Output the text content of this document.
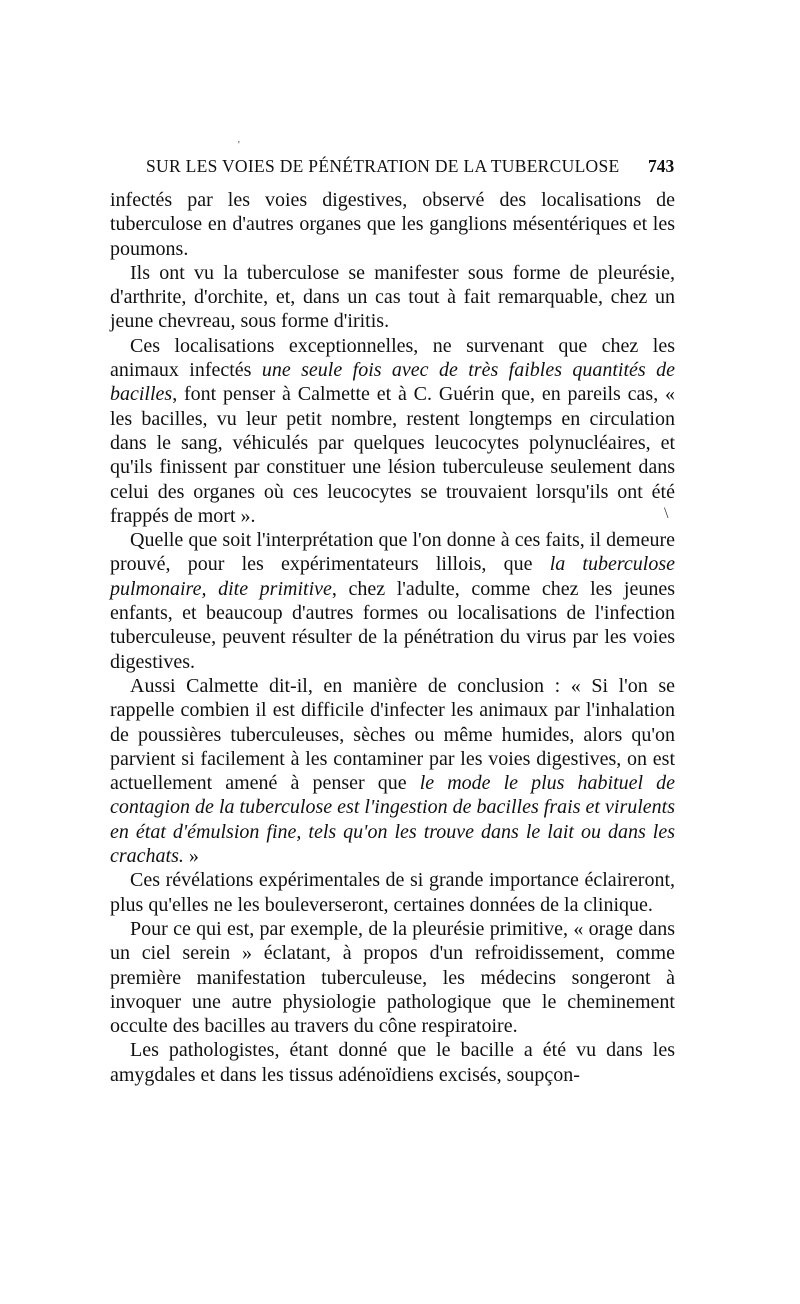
SUR LES VOIES DE PÉNÉTRATION DE LA TUBERCULOSE 743

infectés par les voies digestives, observé des localisations de tuberculose en d'autres organes que les ganglions mésentériques et les poumons.

Ils ont vu la tuberculose se manifester sous forme de pleurésie, d'arthrite, d'orchite, et, dans un cas tout à fait remarquable, chez un jeune chevreau, sous forme d'iritis.

Ces localisations exceptionnelles, ne survenant que chez les animaux infectés une seule fois avec de très faibles quantités de bacilles, font penser à Calmette et à C. Guérin que, en pareils cas, « les bacilles, vu leur petit nombre, restent longtemps en circulation dans le sang, véhiculés par quelques leucocytes polynucléaires, et qu'ils finissent par constituer une lésion tuberculeuse seulement dans celui des organes où ces leucocytes se trouvaient lorsqu'ils ont été frappés de mort ».

Quelle que soit l'interprétation que l'on donne à ces faits, il demeure prouvé, pour les expérimentateurs lillois, que la tuberculose pulmonaire, dite primitive, chez l'adulte, comme chez les jeunes enfants, et beaucoup d'autres formes ou localisations de l'infection tuberculeuse, peuvent résulter de la pénétration du virus par les voies digestives.

Aussi Calmette dit-il, en manière de conclusion : « Si l'on se rappelle combien il est difficile d'infecter les animaux par l'inhalation de poussières tuberculeuses, sèches ou même humides, alors qu'on parvient si facilement à les contaminer par les voies digestives, on est actuellement amené à penser que le mode le plus habituel de contagion de la tuberculose est l'ingestion de bacilles frais et virulents en état d'émulsion fine, tels qu'on les trouve dans le lait ou dans les crachats. »

Ces révélations expérimentales de si grande importance éclaireront, plus qu'elles ne les bouleverseront, certaines données de la clinique.

Pour ce qui est, par exemple, de la pleurésie primitive, « orage dans un ciel serein » éclatant, à propos d'un refroidissement, comme première manifestation tuberculeuse, les médecins songeront à invoquer une autre physiologie pathologique que le cheminement occulte des bacilles au travers du cône respiratoire.

Les pathologistes, étant donné que le bacille a été vu dans les amygdales et dans les tissus adénoïdiens excisés, soupçon-

'
\
